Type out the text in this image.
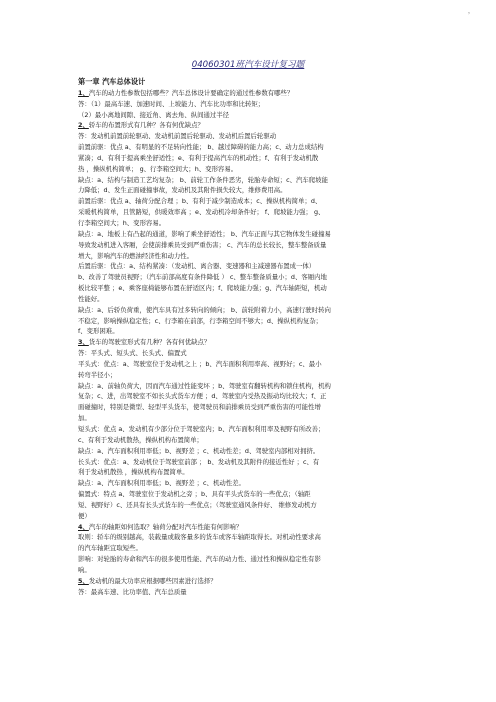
，
04060301班汽车设计复习题
第一章 汽车总体设计
1、汽车的动力性参数包括哪些？汽车总体设计要确定的通过性参数有哪些？
答：（1）最高车速、加速时间、上坡能力、汽车比功率和比转矩；
（2）最小离地间隙、接近角、离去角、纵间通过半径
2、轿车的布置形式有几种？各有何优缺点？
答：发动机前置前轮驱动、发动机前置后轮驱动、发动机后置后轮驱动
前置前驱：优点 a、有明显的不足转向性能； b、越过障碍的能力高；c、动力总成结构
紧凑；d、有利于提高乘坐舒适性；e、有利于提高汽车的机动性；f、有利于发动机散
热 ，操纵机构简单； g、行李箱空间大；h、变形容易。
缺点：a、结构与制造工艺均复杂； b、前轮工作条件恶劣，轮胎寿命短；c、汽车爬坡能
力降低；d、发生正面碰撞事故，发动机及其附件损失较大，维修费用高。
前置后驱：优点 a、轴荷分配合理 ；b、有利于减少制造成本；c、操纵机构简单；d、
采暖机构简单，且管路短，供暖效率高 ；e、发动机冷却条件好； f、爬坡能力强； g、
行李箱空间大；h、变形容易。
缺点：a、地板上有凸起的通道，影响了乘坐舒适性； b、汽车正面与其它物体发生碰撞易
导致发动机进入客厢，会使前排乘员受到严重伤害； c、汽车的总长较长，整车整备质量
增大，影响汽车的燃油经济性和动力性。
后置后驱：优点：a、结构紧凑：（发动机、离合器、变速器和主减速器布置成一体）
b、改善了驾驶员视野；（汽车前部高度有条件降低 ） c、整车整备质量小；d、客厢内地
板比较平整 ；e、乘客座椅能够布置在舒适区内；f、爬坡能力强；g、汽车轴距短，机动
性能好。
缺点：a、后轿负荷重，使汽车具有过多转向的倾向； b、前轮附着力小，高速行驶时转向
不稳定，影响操纵稳定性；c、行李箱在前部，行李箱空间不够大；d、操纵机构复杂；
f、变形困难。
3、货车的驾驶室形式有几种？各有何优缺点？
答：平头式、短头式、长头式、偏置式
平头式：优点：a、驾驶室位于发动机之上 ；b、汽车面积利用率高、视野好；c、最小
转弯半径小；
缺点：a、前轴负荷大，因而汽车通过性能变坏 ；b、驾驶室有翻转机构和锁住机构，机构
复杂；c、进，出驾驶室不如长头式货车方便 ；d、驾驶室内受热及振动均比较大；f、正
面碰撞时，特别是微型、轻型平头货车，使驾驶员和前排乘员受到严重伤害的可能性增
加。
短头式：优点 a、发动机有少部分位于驾驶室内；b、汽车面积利用率及视野有所改善；
c、有利于发动机散热，操纵机构布置简单；
缺点：a、汽车面积利用率低；b、视野差 ；c、机动性差；d、驾驶室内部相对拥挤。
长头式：优点：a、发动机位于驾驶室前部 ； b、发动机及其附件的接近性好 ；c、有
利于发动机散热 ，操纵机构布置简单。
缺点：a、汽车面积利用率低；b、视野差 ；c、机动性差。
偏置式：特点 a、驾驶室位于发动机之旁 ；b、具有平头式货车的一些优点；（轴距
短、视野好）c、还具有长头式货车的一些优点；（驾驶室通风条件好、 维修发动机方
便）
4、汽车的轴距如何选取？轴荷分配对汽车性能有何影响？
取则：轿车的级别越高，装载量或载客量多的货车或客车轴距取得长。对机动性要求高
的汽车轴距宜取短些。
影响：对轮胎的寿命和汽车的很多使用性能、汽车的动力性、通过性和操纵稳定性有影
响。
5、发动机的最大功率应根据哪些因素进行选择？
答：最高车速、比功率值、汽车总质量
